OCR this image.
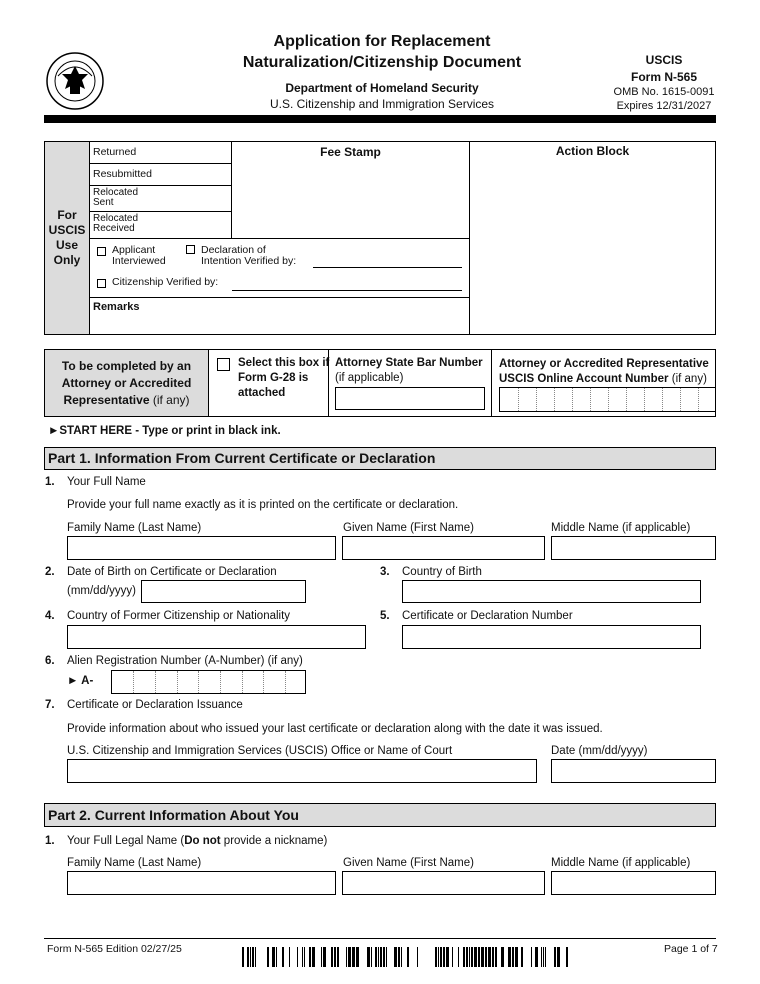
Application for Replacement
Naturalization/Citizenship Document
Department of Homeland Security
U.S. Citizenship and Immigration Services
USCIS
Form N-565
OMB No. 1615-0091
Expires 12/31/2027
For
USCIS
Use
Only
Returned
Resubmitted
Relocated
Sent
Relocated
Received
Fee Stamp	Action Block
Applicant
Interviewed
Declaration of
Intention Verified by:
Citizenship Verified by:
Remarks
To be completed by an
Attorney or Accredited
Representative (if any)
Select this box if
Form G-28 is
attached
Attorney State Bar Number
(if applicable)
Attorney or Accredited Representative
USCIS Online Account Number (if any)
►START HERE - Type or print in black ink.
Part 1. Information From Current Certificate or Declaration
1. Your Full Name
Provide your full name exactly as it is printed on the certificate or declaration.
Family Name (Last Name)	Given Name (First Name)	Middle Name (if applicable)
2. Date of Birth on Certificate or Declaration
(mm/dd/yyyy)
3. Country of Birth
4. Country of Former Citizenship or Nationality	5. Certificate or Declaration Number
6. Alien Registration Number (A-Number) (if any)
► A-
7. Certificate or Declaration Issuance
Provide information about who issued your last certificate or declaration along with the date it was issued.
U.S. Citizenship and Immigration Services (USCIS) Office or Name of Court	Date (mm/dd/yyyy)
Part 2. Current Information About You
1. Your Full Legal Name (Do not provide a nickname)
Family Name (Last Name)	Given Name (First Name)	Middle Name (if applicable)
Form N-565 Edition 02/27/25	Page 1 of 7
